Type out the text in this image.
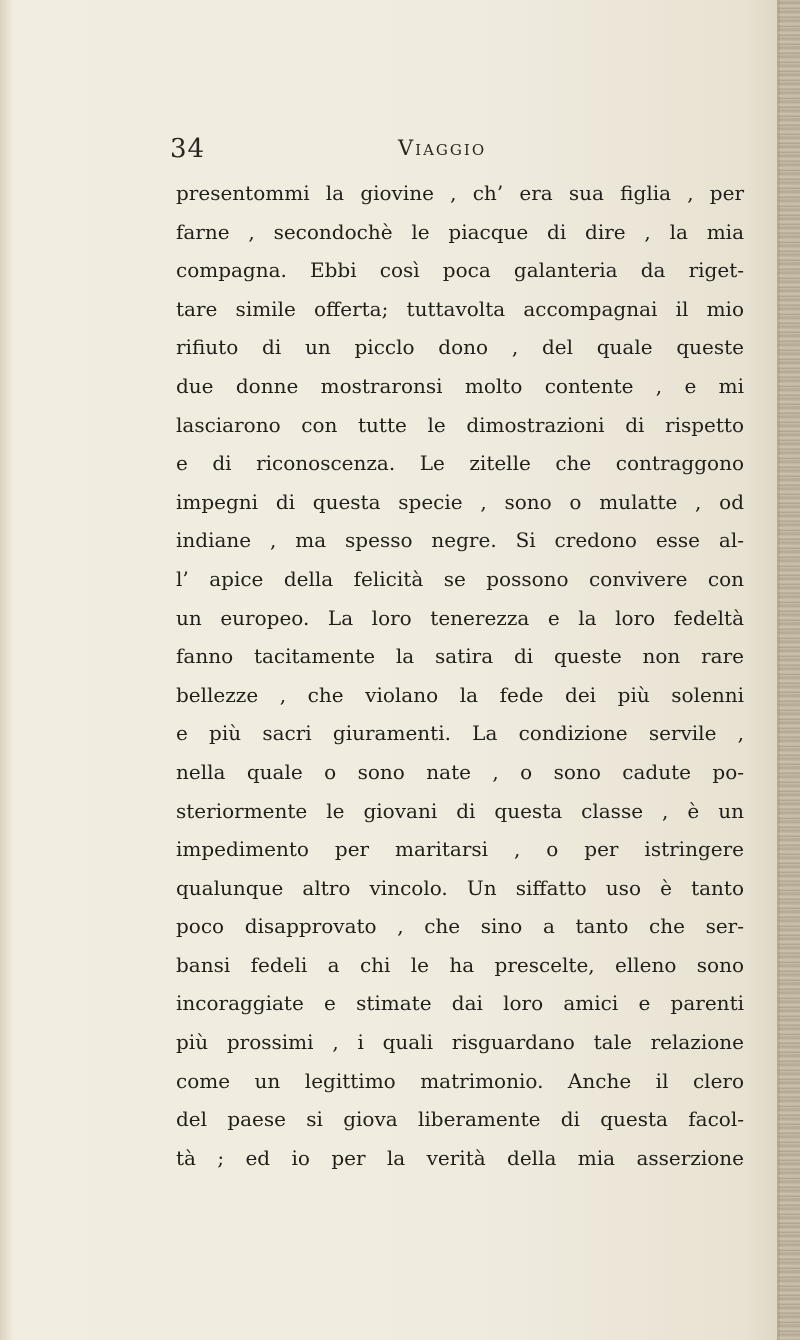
34	Viaggio
presentommi la giovine , ch’ era sua figlia , per
farne , secondochè le piacque di dire , la mia
compagna. Ebbi così poca galanteria da riget-
tare simile offerta; tuttavolta accompagnai il mio
rifiuto di un picclo dono , del quale queste
due donne mostraronsi molto contente , e mi
lasciarono con tutte le dimostrazioni di rispetto
e di riconoscenza. Le zitelle che contraggono
impegni di questa specie , sono o mulatte , od
indiane , ma spesso negre. Si credono esse al-
l’ apice della felicità se possono convivere con
un europeo. La loro tenerezza e la loro fedeltà
fanno tacitamente la satira di queste non rare
bellezze , che violano la fede dei più solenni
e più sacri giuramenti. La condizione servile ,
nella quale o sono nate , o sono cadute po-
steriormente le giovani di questa classe , è un
impedimento per maritarsi , o per istringere
qualunque altro vincolo. Un siffatto uso è tanto
poco disapprovato , che sino a tanto che ser-
bansi fedeli a chi le ha prescelte, elleno sono
incoraggiate e stimate dai loro amici e parenti
più prossimi , i quali risguardano tale relazione
come un legittimo matrimonio. Anche il clero
del paese si giova liberamente di questa facol-
tà ; ed io per la verità della mia asserzione
